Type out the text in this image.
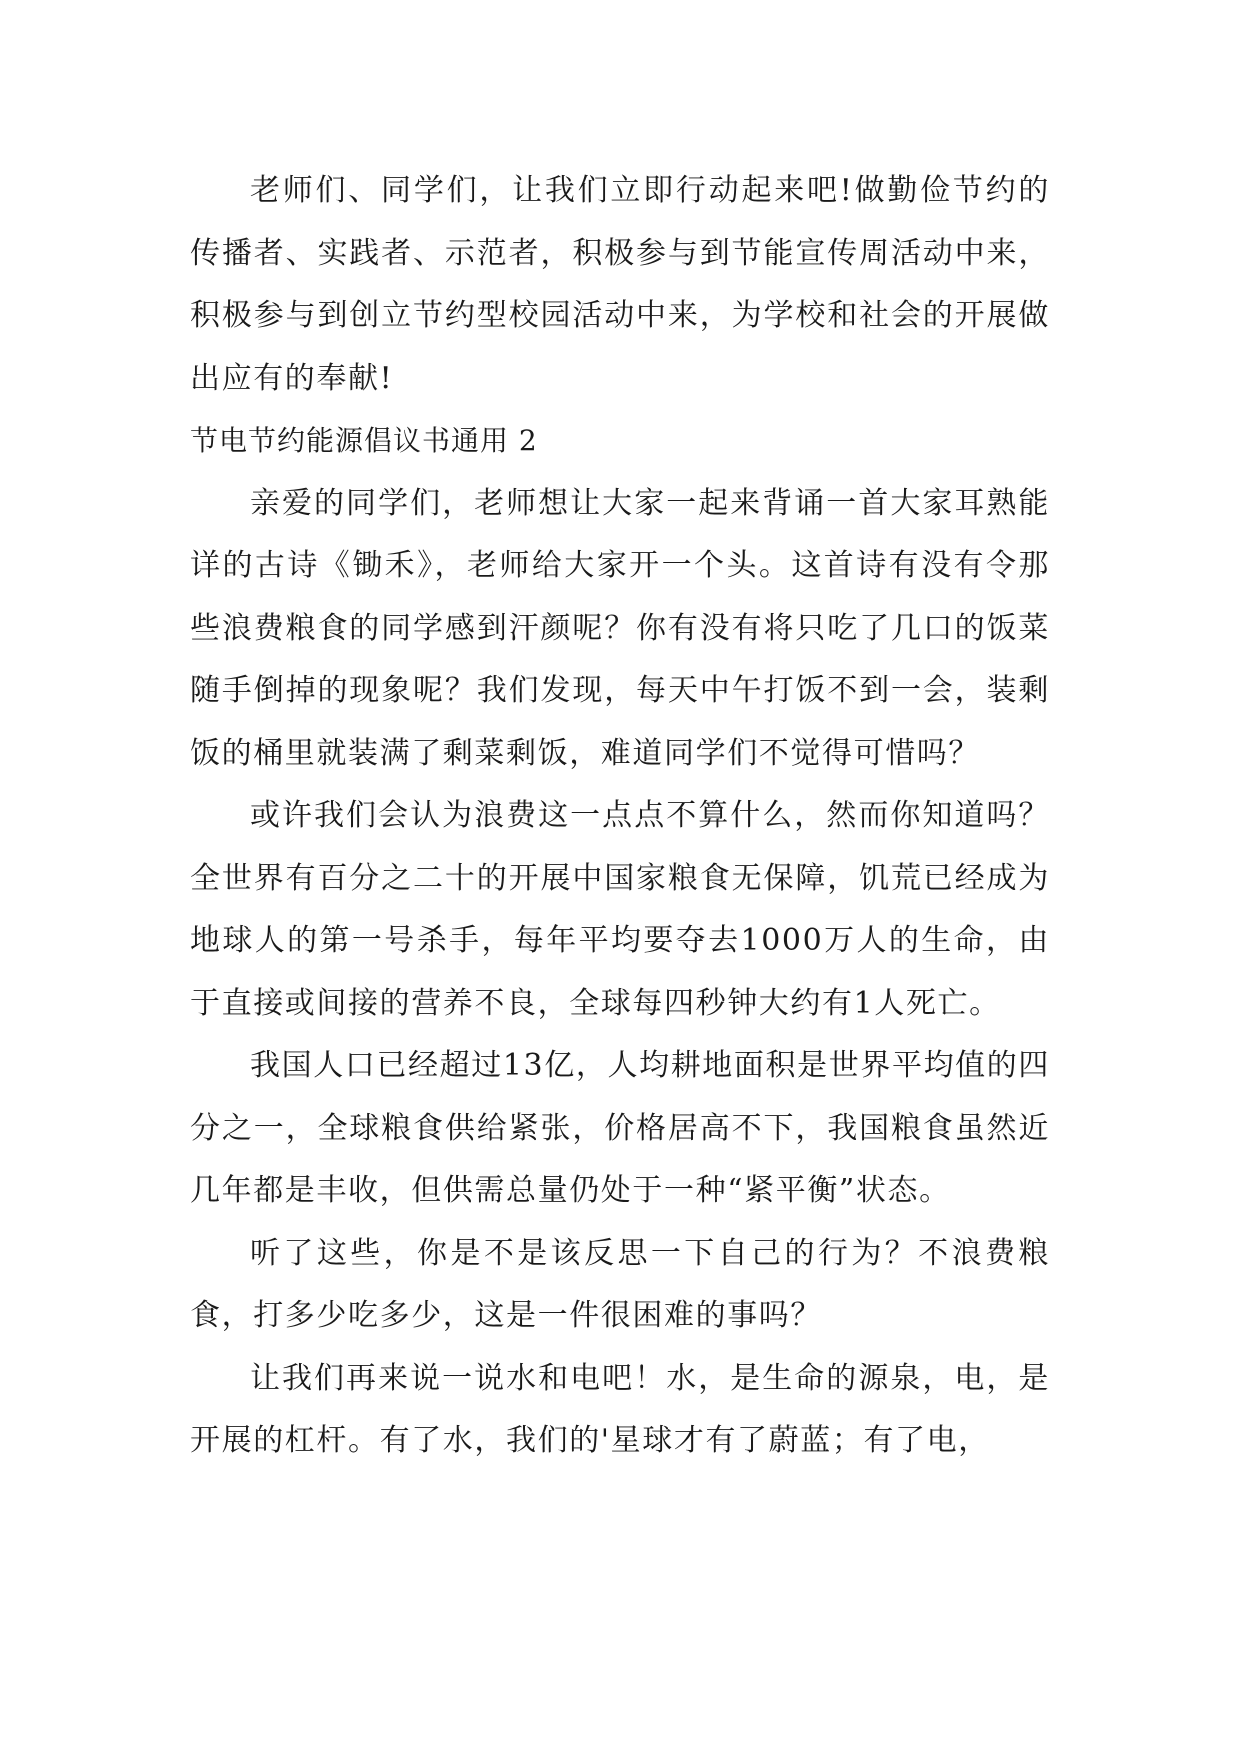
老师们、同学们，让我们立即行动起来吧!做勤俭节约的传播者、实践者、示范者，积极参与到节能宣传周活动中来，积极参与到创立节约型校园活动中来，为学校和社会的开展做出应有的奉献!

节电节约能源倡议书通用 2

亲爱的同学们，老师想让大家一起来背诵一首大家耳熟能详的古诗《锄禾》，老师给大家开一个头。这首诗有没有令那些浪费粮食的同学感到汗颜呢？你有没有将只吃了几口的饭菜随手倒掉的现象呢？我们发现，每天中午打饭不到一会，装剩饭的桶里就装满了剩菜剩饭，难道同学们不觉得可惜吗？

或许我们会认为浪费这一点点不算什么，然而你知道吗？全世界有百分之二十的开展中国家粮食无保障，饥荒已经成为地球人的第一号杀手，每年平均要夺去1000万人的生命，由于直接或间接的营养不良，全球每四秒钟大约有1人死亡。

我国人口已经超过13亿，人均耕地面积是世界平均值的四分之一，全球粮食供给紧张，价格居高不下，我国粮食虽然近几年都是丰收，但供需总量仍处于一种“紧平衡”状态。

听了这些，你是不是该反思一下自己的行为？不浪费粮食，打多少吃多少，这是一件很困难的事吗？

让我们再来说一说水和电吧！水，是生命的源泉，电，是开展的杠杆。有了水，我们的'星球才有了蔚蓝；有了电，
